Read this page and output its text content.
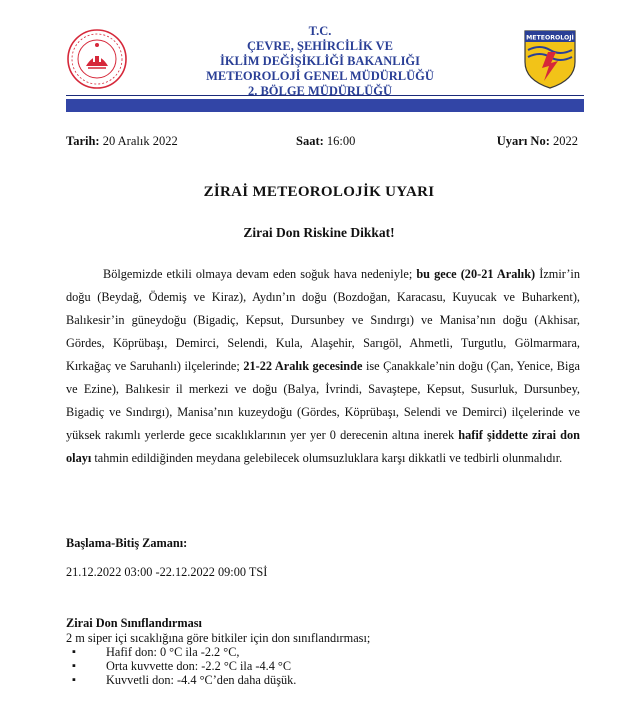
T.C.
ÇEVRE, ŞEHİRCİLİK VE
İKLİM DEĞİŞİKLİĞİ BAKANLIĞI
METEOROLOJİ GENEL MÜDÜRLÜĞÜ
2. BÖLGE MÜDÜRLÜĞÜ
METEOROLOJİ
Tarih: 20 Aralık 2022	Saat: 16:00	Uyarı No: 2022
ZİRAİ METEOROLOJİK UYARI
Zirai Don Riskine Dikkat!
Bölgemizde etkili olmaya devam eden soğuk hava nedeniyle; bu gece (20-21 Aralık) İzmir’in doğu (Beydağ, Ödemiş ve Kiraz), Aydın’ın doğu (Bozdoğan, Karacasu, Kuyucak ve Buharkent), Balıkesir’in güneydoğu (Bigadiç, Kepsut, Dursunbey ve Sındırgı) ve Manisa’nın doğu (Akhisar, Gördes, Köprübaşı, Demirci, Selendi, Kula, Alaşehir, Sarıgöl, Ahmetli, Turgutlu, Gölmarmara, Kırkağaç ve Saruhanlı) ilçelerinde; 21-22 Aralık gecesinde ise Çanakkale’nin doğu (Çan, Yenice, Biga ve Ezine), Balıkesir il merkezi ve doğu (Balya, İvrindi, Savaştepe, Kepsut, Susurluk, Dursunbey, Bigadiç ve Sındırgı), Manisa’nın kuzeydoğu (Gördes, Köprübaşı, Selendi ve Demirci) ilçelerinde ve yüksek rakımlı yerlerde gece sıcaklıklarının yer yer 0 derecenin altına inerek hafif şiddette zirai don olayı tahmin edildiğinden meydana gelebilecek olumsuzluklara karşı dikkatli ve tedbirli olunmalıdır.
Başlama-Bitiş Zamanı:
21.12.2022 03:00 -22.12.2022 09:00 TSİ
Zirai Don Sınıflandırması
2 m siper içi sıcaklığına göre bitkiler için don sınıflandırması;
▪ Hafif don: 0 °C ila -2.2 °C,
▪ Orta kuvvette don: -2.2 °C ila -4.4 °C
▪ Kuvvetli don: -4.4 °C’den daha düşük.
